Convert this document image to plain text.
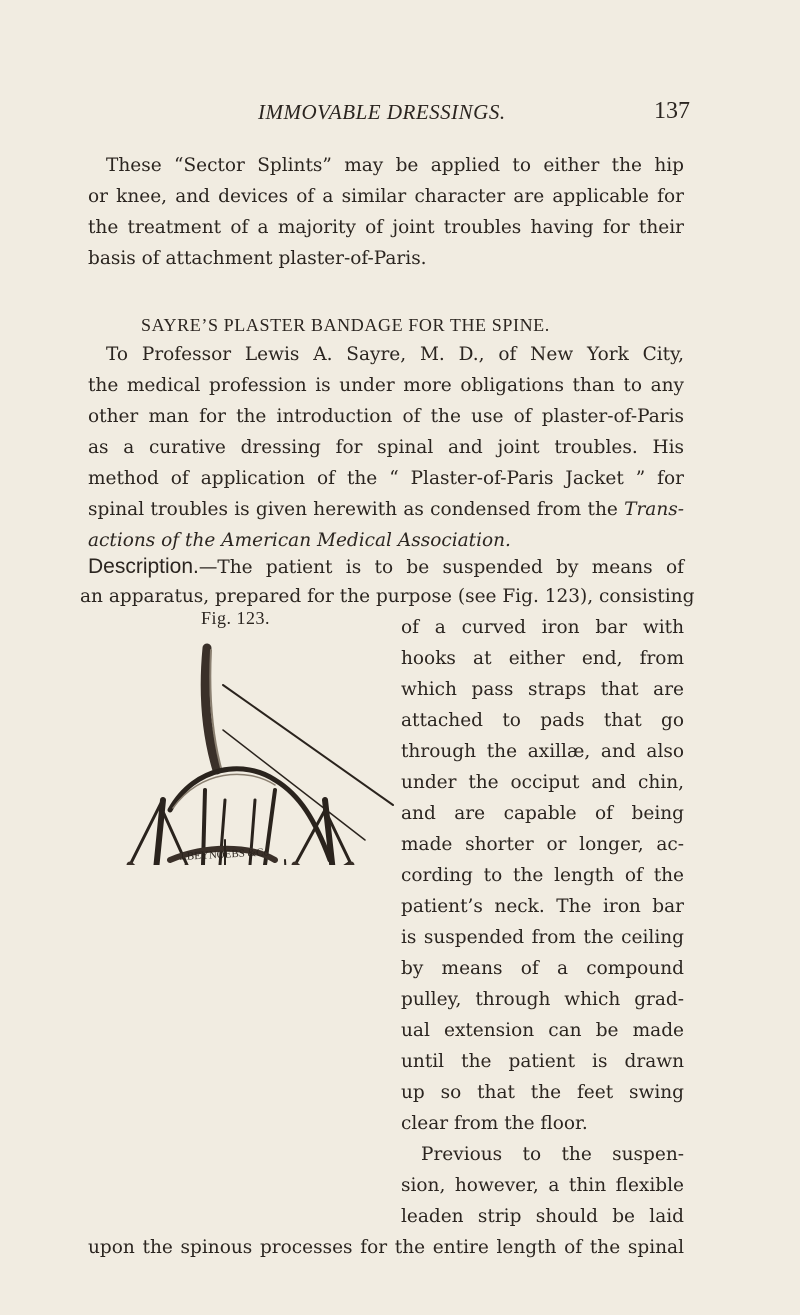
IMMOVABLE DRESSINGS.	137
These “Sector Splints” may be applied to either the hip
or knee, and devices of a similar character are applicable for
the treatment of a majority of joint troubles having for their
basis of attachment plaster-of-Paris.
SAYRE’S PLASTER BANDAGE FOR THE SPINE.
To Professor Lewis A. Sayre, M. D., of New York City,
the medical profession is under more obligations than to any
other man for the introduction of the use of plaster-of-Paris
as a curative dressing for spinal and joint troubles. His
method of application of the “ Plaster-of-Paris Jacket ” for
spinal troubles is given herewith as condensed from the Trans-
actions of the American Medical Association.
Description.—The patient is to be suspended by means of
an apparatus, prepared for the purpose (see Fig. 123), consisting
Fig. 123.	of a curved iron bar with
hooks at either end, from
which pass straps that are
attached to pads that go
through the axillæ, and also
under the occiput and chin,
and are capable of being
made shorter or longer, ac-
cording to the length of the
patient’s neck. The iron bar
is suspended from the ceiling
by means of a compound
pulley, through which grad-
ual extension can be made
until the patient is drawn
up so that the feet swing
clear from the floor.
Previous to the suspen-
sion, however, a thin flexible
leaden strip should be laid
upon the spinous processes for the entire length of the spinal
J.BEYNOEBS &Co
